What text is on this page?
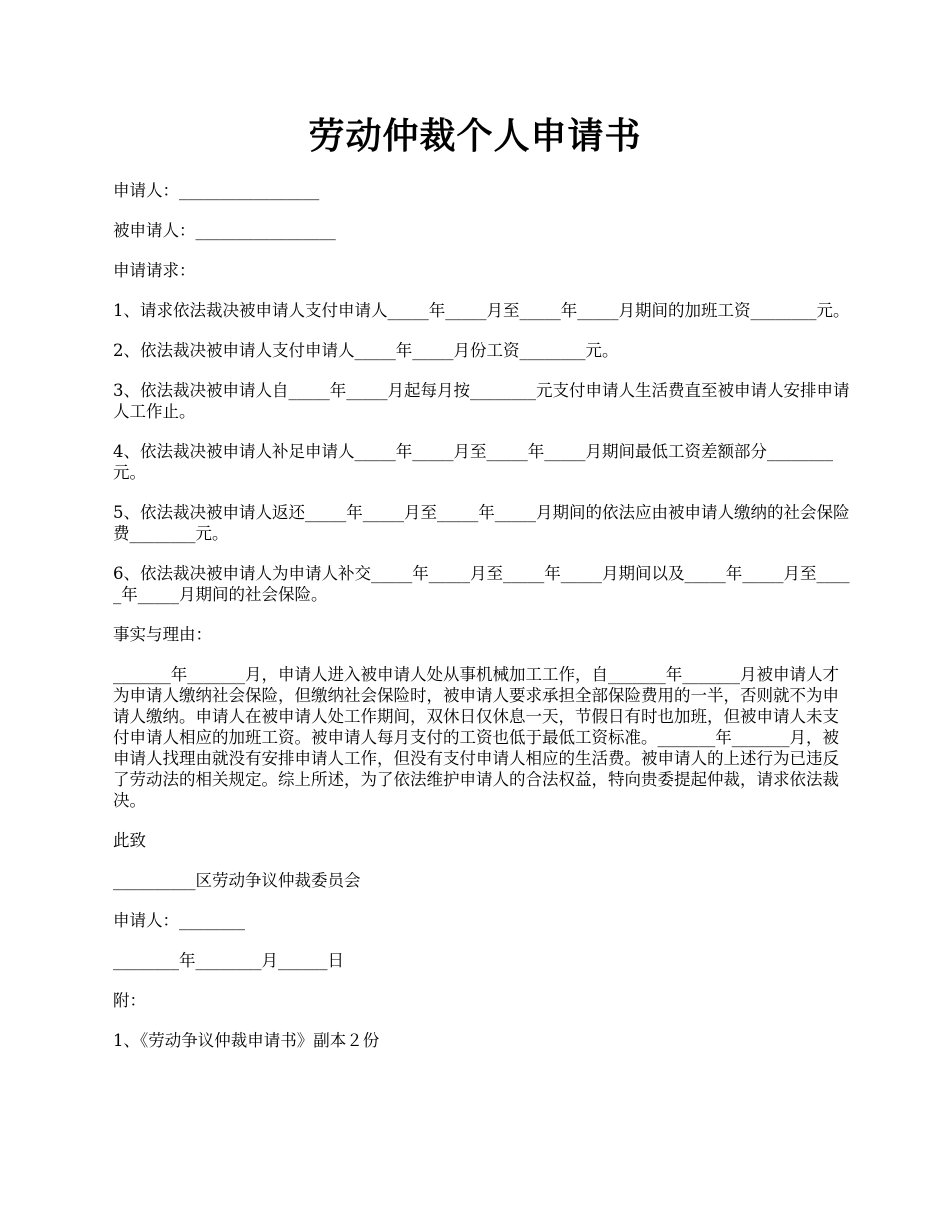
劳动仲裁个人申请书

申请人：_________________

被申请人：_________________

申请请求：

1、请求依法裁决被申请人支付申请人_____年_____月至_____年_____月期间的加班工资________元。

2、依法裁决被申请人支付申请人_____年_____月份工资________元。

3、依法裁决被申请人自_____年_____月起每月按________元支付申请人生活费直至被申请人安排申请人工作止。

4、依法裁决被申请人补足申请人_____年_____月至_____年_____月期间最低工资差额部分________元。

5、依法裁决被申请人返还_____年_____月至_____年_____月期间的依法应由被申请人缴纳的社会保险费________元。

6、依法裁决被申请人为申请人补交_____年_____月至_____年_____月期间以及_____年_____月至_____年_____月期间的社会保险。

事实与理由：

_______年_______月，申请人进入被申请人处从事机械加工工作，自_______年_______月被申请人才为申请人缴纳社会保险，但缴纳社会保险时，被申请人要求承担全部保险费用的一半，否则就不为申请人缴纳。申请人在被申请人处工作期间，双休日仅休息一天，节假日有时也加班，但被申请人未支付申请人相应的加班工资。被申请人每月支付的工资也低于最低工资标准。_______年_______月，被申请人找理由就没有安排申请人工作，但没有支付申请人相应的生活费。被申请人的上述行为已违反了劳动法的相关规定。综上所述，为了依法维护申请人的合法权益，特向贵委提起仲裁，请求依法裁决。

此致

__________区劳动争议仲裁委员会

申请人：________

________年________月______日

附：

1、《劳动争议仲裁申请书》副本２份
